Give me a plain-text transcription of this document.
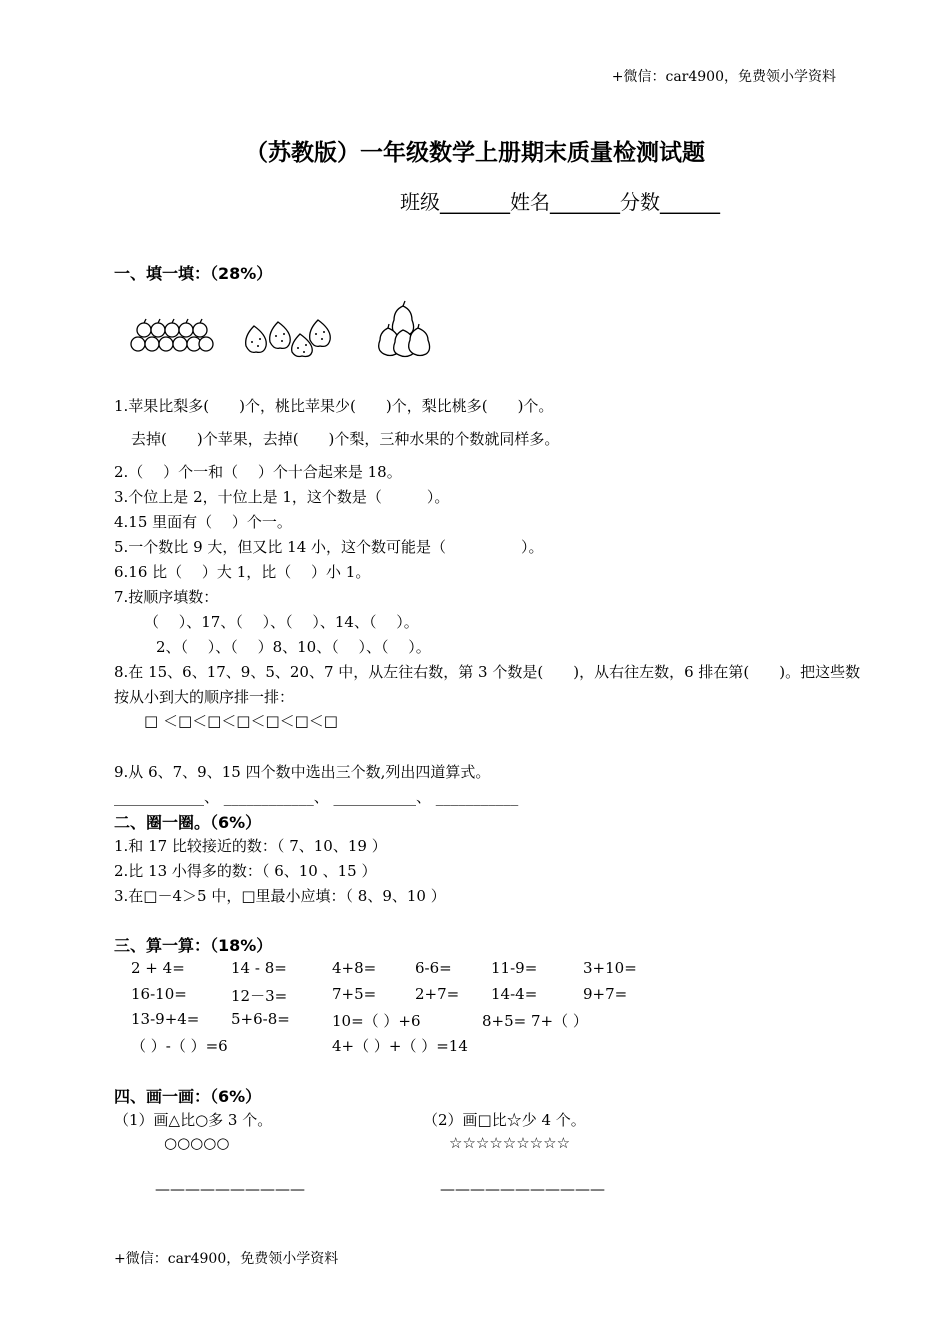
+微信：car4900，免费领小学资料
（苏教版）一年级数学上册期末质量检测试题
班级_______姓名_______分数______
一、填一填：（28%）
1.苹果比梨多(　　)个，桃比苹果少(　　)个，梨比桃多(　　)个。
去掉(　　)个苹果，去掉(　　)个梨，三种水果的个数就同样多。
2.（　 ）个一和（　 ）个十合起来是 18。
3.个位上是 2，十位上是 1，这个数是（　　　）。
4.15 里面有（　 ）个一。
5.一个数比 9 大，但又比 14 小，这个数可能是（　　　　　）。
6.16 比（　 ）大 1，比（　 ）小 1。
7.按顺序填数：
（　 ）、17、（　 ）、（　 ）、14、（　 ）。
2、（　 ）、（　 ）8、10、（　 ）、（　 ）。
8.在 15、6、17、9、5、20、7 中，从左往右数，第 3 个数是(　　)，从右往左数，6 排在第(　　)。把这些数
按从小到大的顺序排一排：
□ ＜□＜□＜□＜□＜□＜□
9.从 6、7、9、15 四个数中选出三个数,列出四道算式。
____________、 ____________、 ___________、 ___________
二、圈一圈。（6%）
1.和 17 比较接近的数：（ 7、10、19 ）
2.比 13 小得多的数：（ 6、10 、15 ）
3.在□－4＞5 中，□里最小应填：（ 8、9、10 ）
三、算一算：（18%）
2 + 4=	14 - 8=	4+8=	6-6=	11-9=	3+10=
16-10=	12－3=	7+5=	2+7= 14-4=	9+7=
13-9+4= 5+6-8=	10=（ ）+6	8+5= 7+（ ）
（ ）-（ ）=6	4+（ ）+（ ）=14
四、画一画：（6%）
（1）画△比○多 3 个。
○○○○○
——————————
（2）画□比☆少 4 个。
☆☆☆☆☆☆☆☆☆
———————————
+微信：car4900，免费领小学资料
